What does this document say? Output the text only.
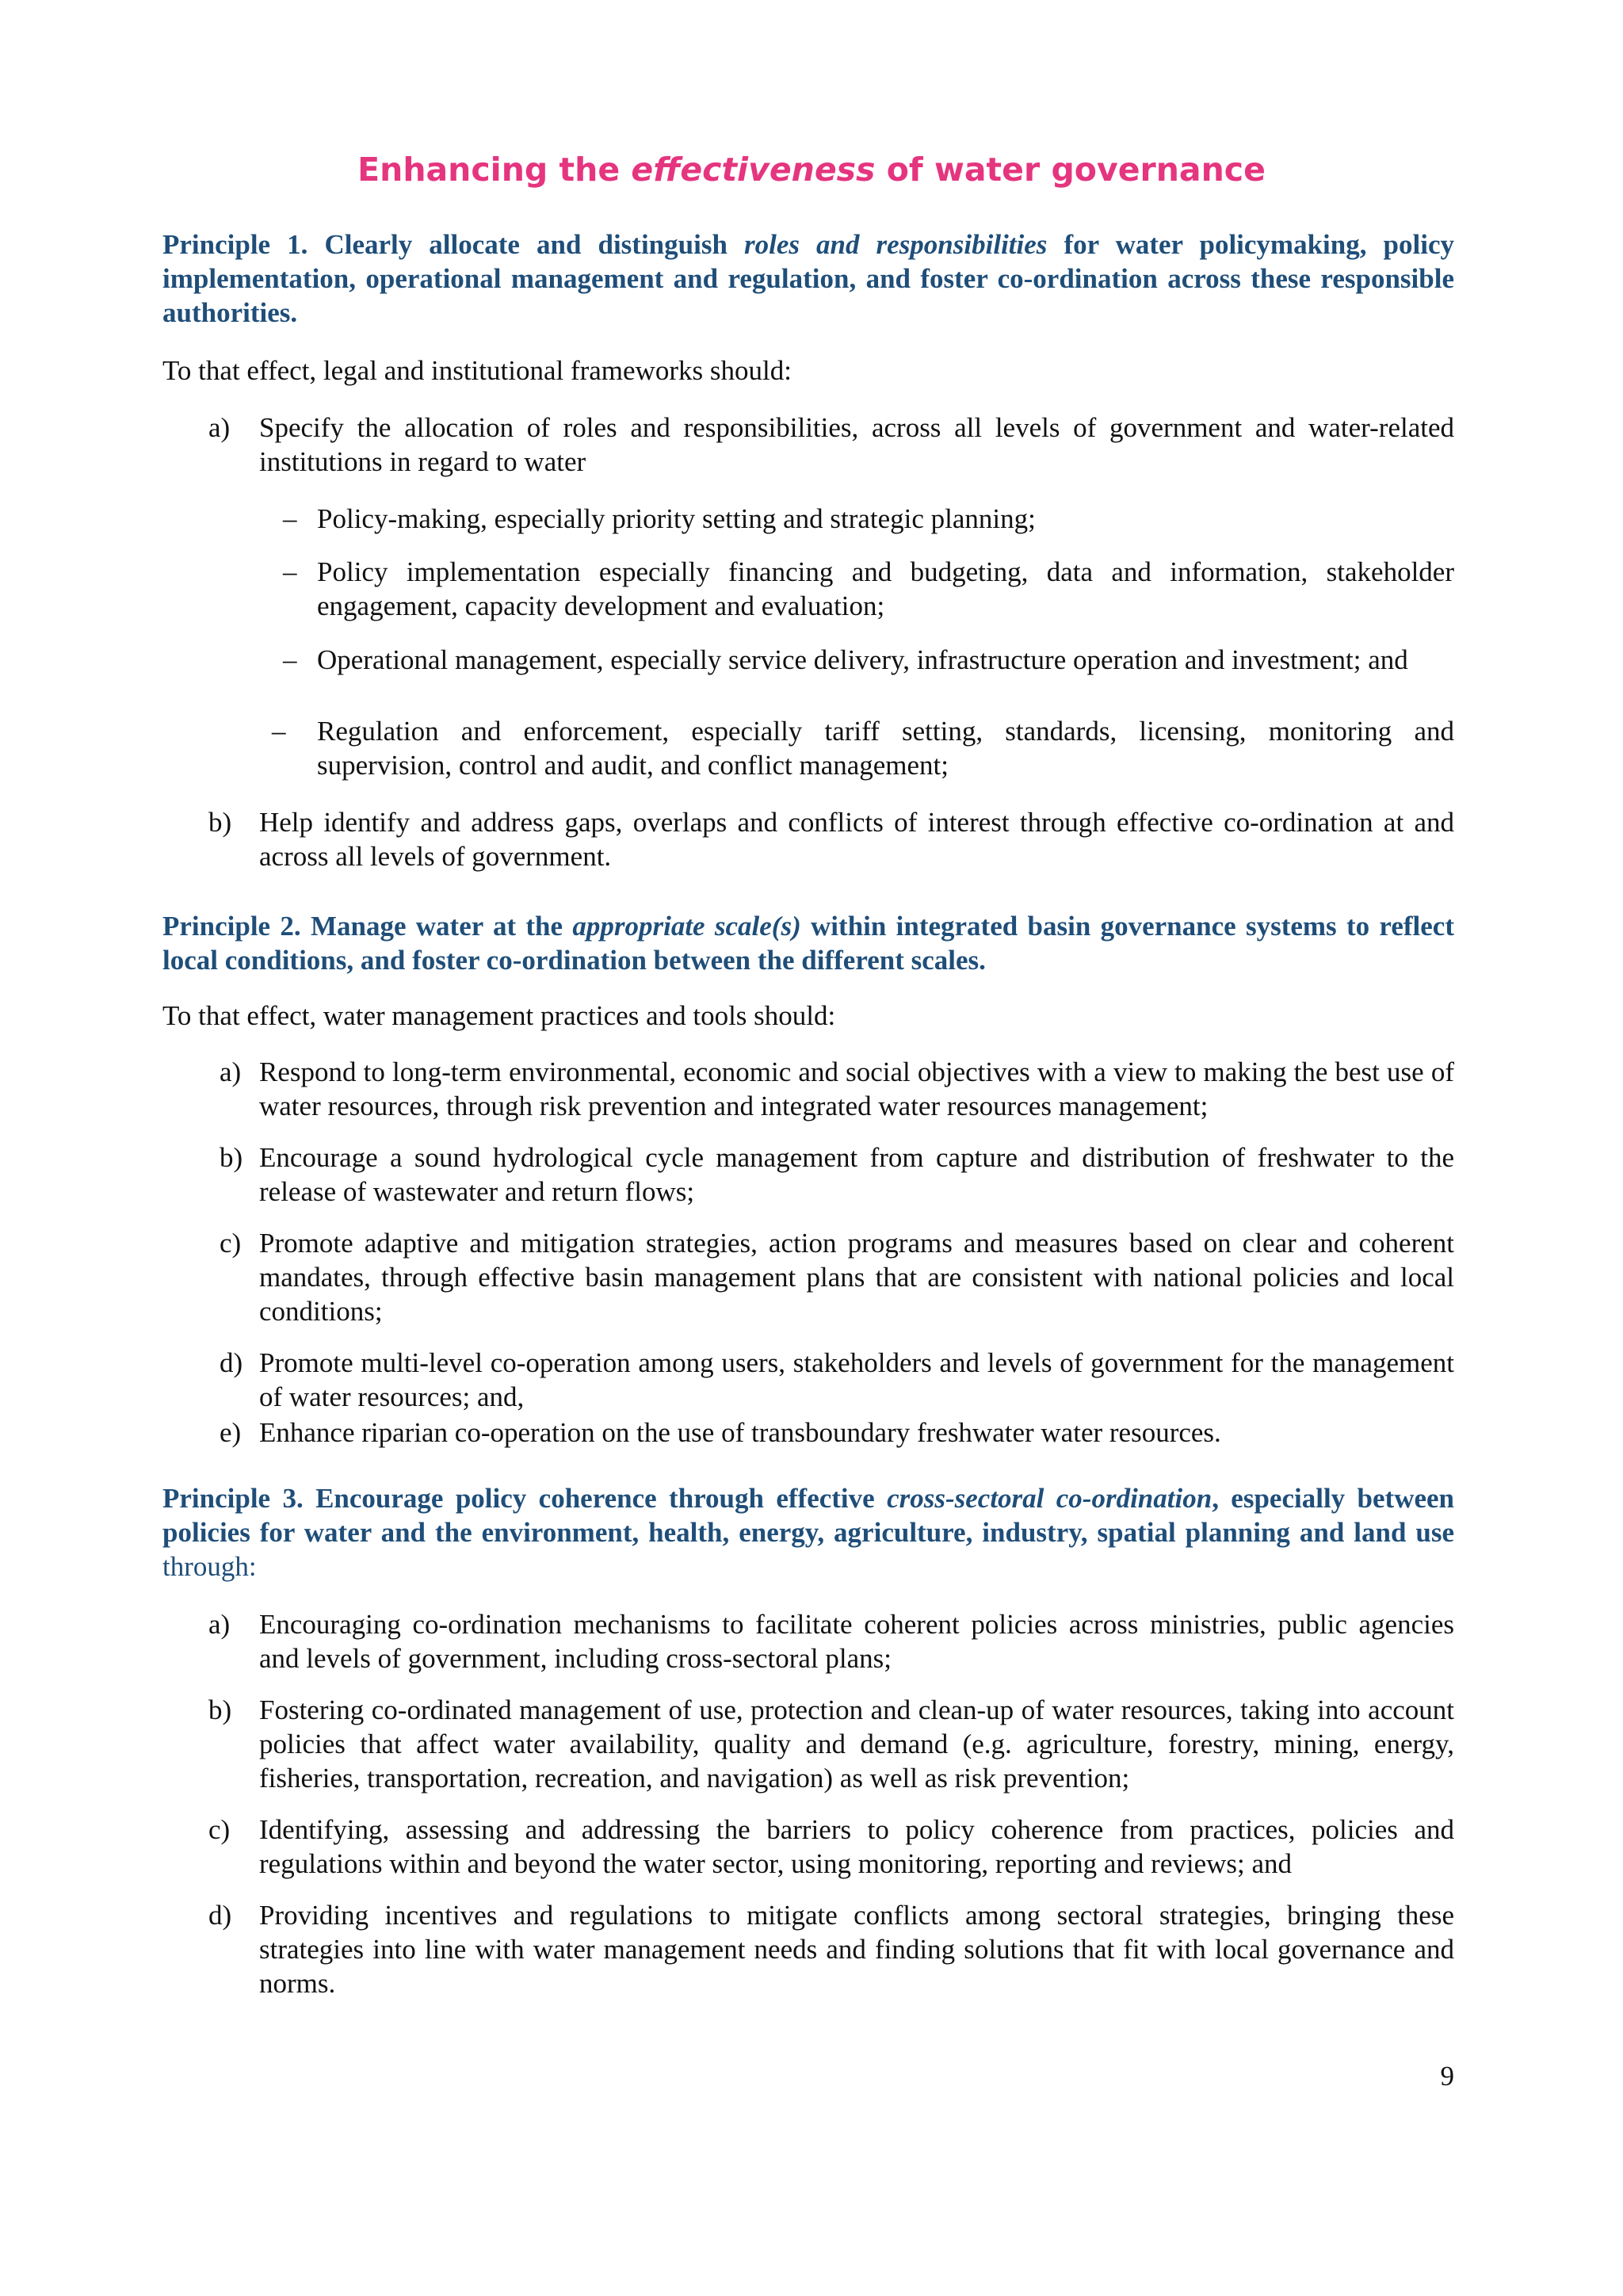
Enhancing the effectiveness of water governance

Principle 1. Clearly allocate and distinguish roles and responsibilities for water policymaking, policy implementation, operational management and regulation, and foster co-ordination across these responsible authorities.

To that effect, legal and institutional frameworks should:

a) Specify the allocation of roles and responsibilities, across all levels of government and water-related institutions in regard to water

– Policy-making, especially priority setting and strategic planning;

– Policy implementation especially financing and budgeting, data and information, stakeholder engagement, capacity development and evaluation;

– Operational management, especially service delivery, infrastructure operation and investment; and

– Regulation and enforcement, especially tariff setting, standards, licensing, monitoring and supervision, control and audit, and conflict management;

b) Help identify and address gaps, overlaps and conflicts of interest through effective co-ordination at and across all levels of government.

Principle 2. Manage water at the appropriate scale(s) within integrated basin governance systems to reflect local conditions, and foster co-ordination between the different scales.

To that effect, water management practices and tools should:

a) Respond to long-term environmental, economic and social objectives with a view to making the best use of water resources, through risk prevention and integrated water resources management;

b) Encourage a sound hydrological cycle management from capture and distribution of freshwater to the release of wastewater and return flows;

c) Promote adaptive and mitigation strategies, action programs and measures based on clear and coherent mandates, through effective basin management plans that are consistent with national policies and local conditions;

d) Promote multi-level co-operation among users, stakeholders and levels of government for the management of water resources; and,

e) Enhance riparian co-operation on the use of transboundary freshwater water resources.

Principle 3. Encourage policy coherence through effective cross-sectoral co-ordination, especially between policies for water and the environment, health, energy, agriculture, industry, spatial planning and land use through:

a) Encouraging co-ordination mechanisms to facilitate coherent policies across ministries, public agencies and levels of government, including cross-sectoral plans;

b) Fostering co-ordinated management of use, protection and clean-up of water resources, taking into account policies that affect water availability, quality and demand (e.g. agriculture, forestry, mining, energy, fisheries, transportation, recreation, and navigation) as well as risk prevention;

c) Identifying, assessing and addressing the barriers to policy coherence from practices, policies and regulations within and beyond the water sector, using monitoring, reporting and reviews; and

d) Providing incentives and regulations to mitigate conflicts among sectoral strategies, bringing these strategies into line with water management needs and finding solutions that fit with local governance and norms.

9
